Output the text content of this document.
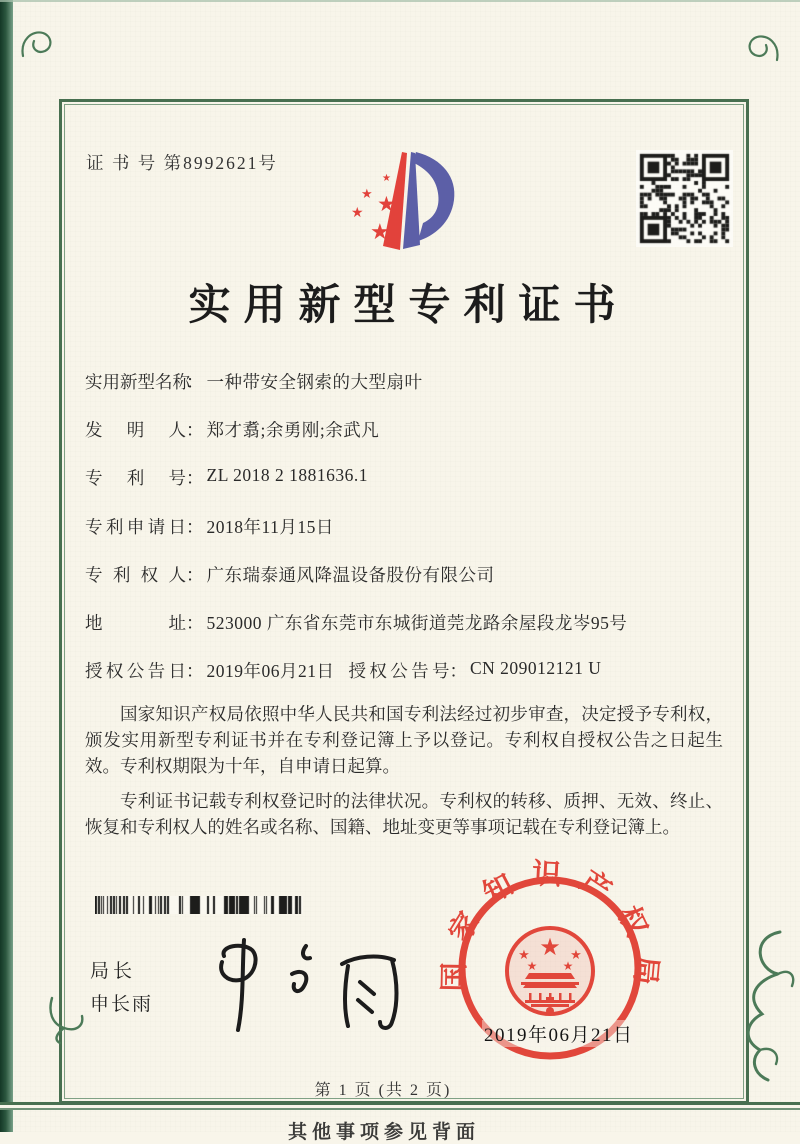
证 书 号 第8992621号
★
★ ★
★
★
实用新型专利证书
实 用 新 型 名 称
： 一种带安全钢索的大型扇叶
发 明 人 ： 郑才翥;余勇刚;余武凡
专 利 号 ： ZL 2018 2 1881636.1
专 利 申 请 日 ： 2018年11月15日
专 利 权 人 ： 广东瑞泰通风降温设备股份有限公司
地	址 ： 523000 广东省东莞市东城街道莞龙路余屋段龙岑95号
授 权 公 告 日 ： 2019年06月21日 授 权 公 告 号 ： CN 209012121 U

国家知识产权局依照中华人民共和国专利法经过初步审查，决定授予专利权，颁发实用新型专利证书并在专利登记簿上予以登记。专利权自授权公告之日起生效。专利权期限为十年，自申请日起算。

专利证书记载专利权登记时的法律状况。专利权的转移、质押、无效、终止、恢复和专利权人的姓名或名称、国籍、地址变更等事项记载在专利登记簿上。

局长
申长雨
国家知识产权局
★
★	★
★ ★
2019年06月21日
第 1 页 (共 2 页)
其他事项参见背面
